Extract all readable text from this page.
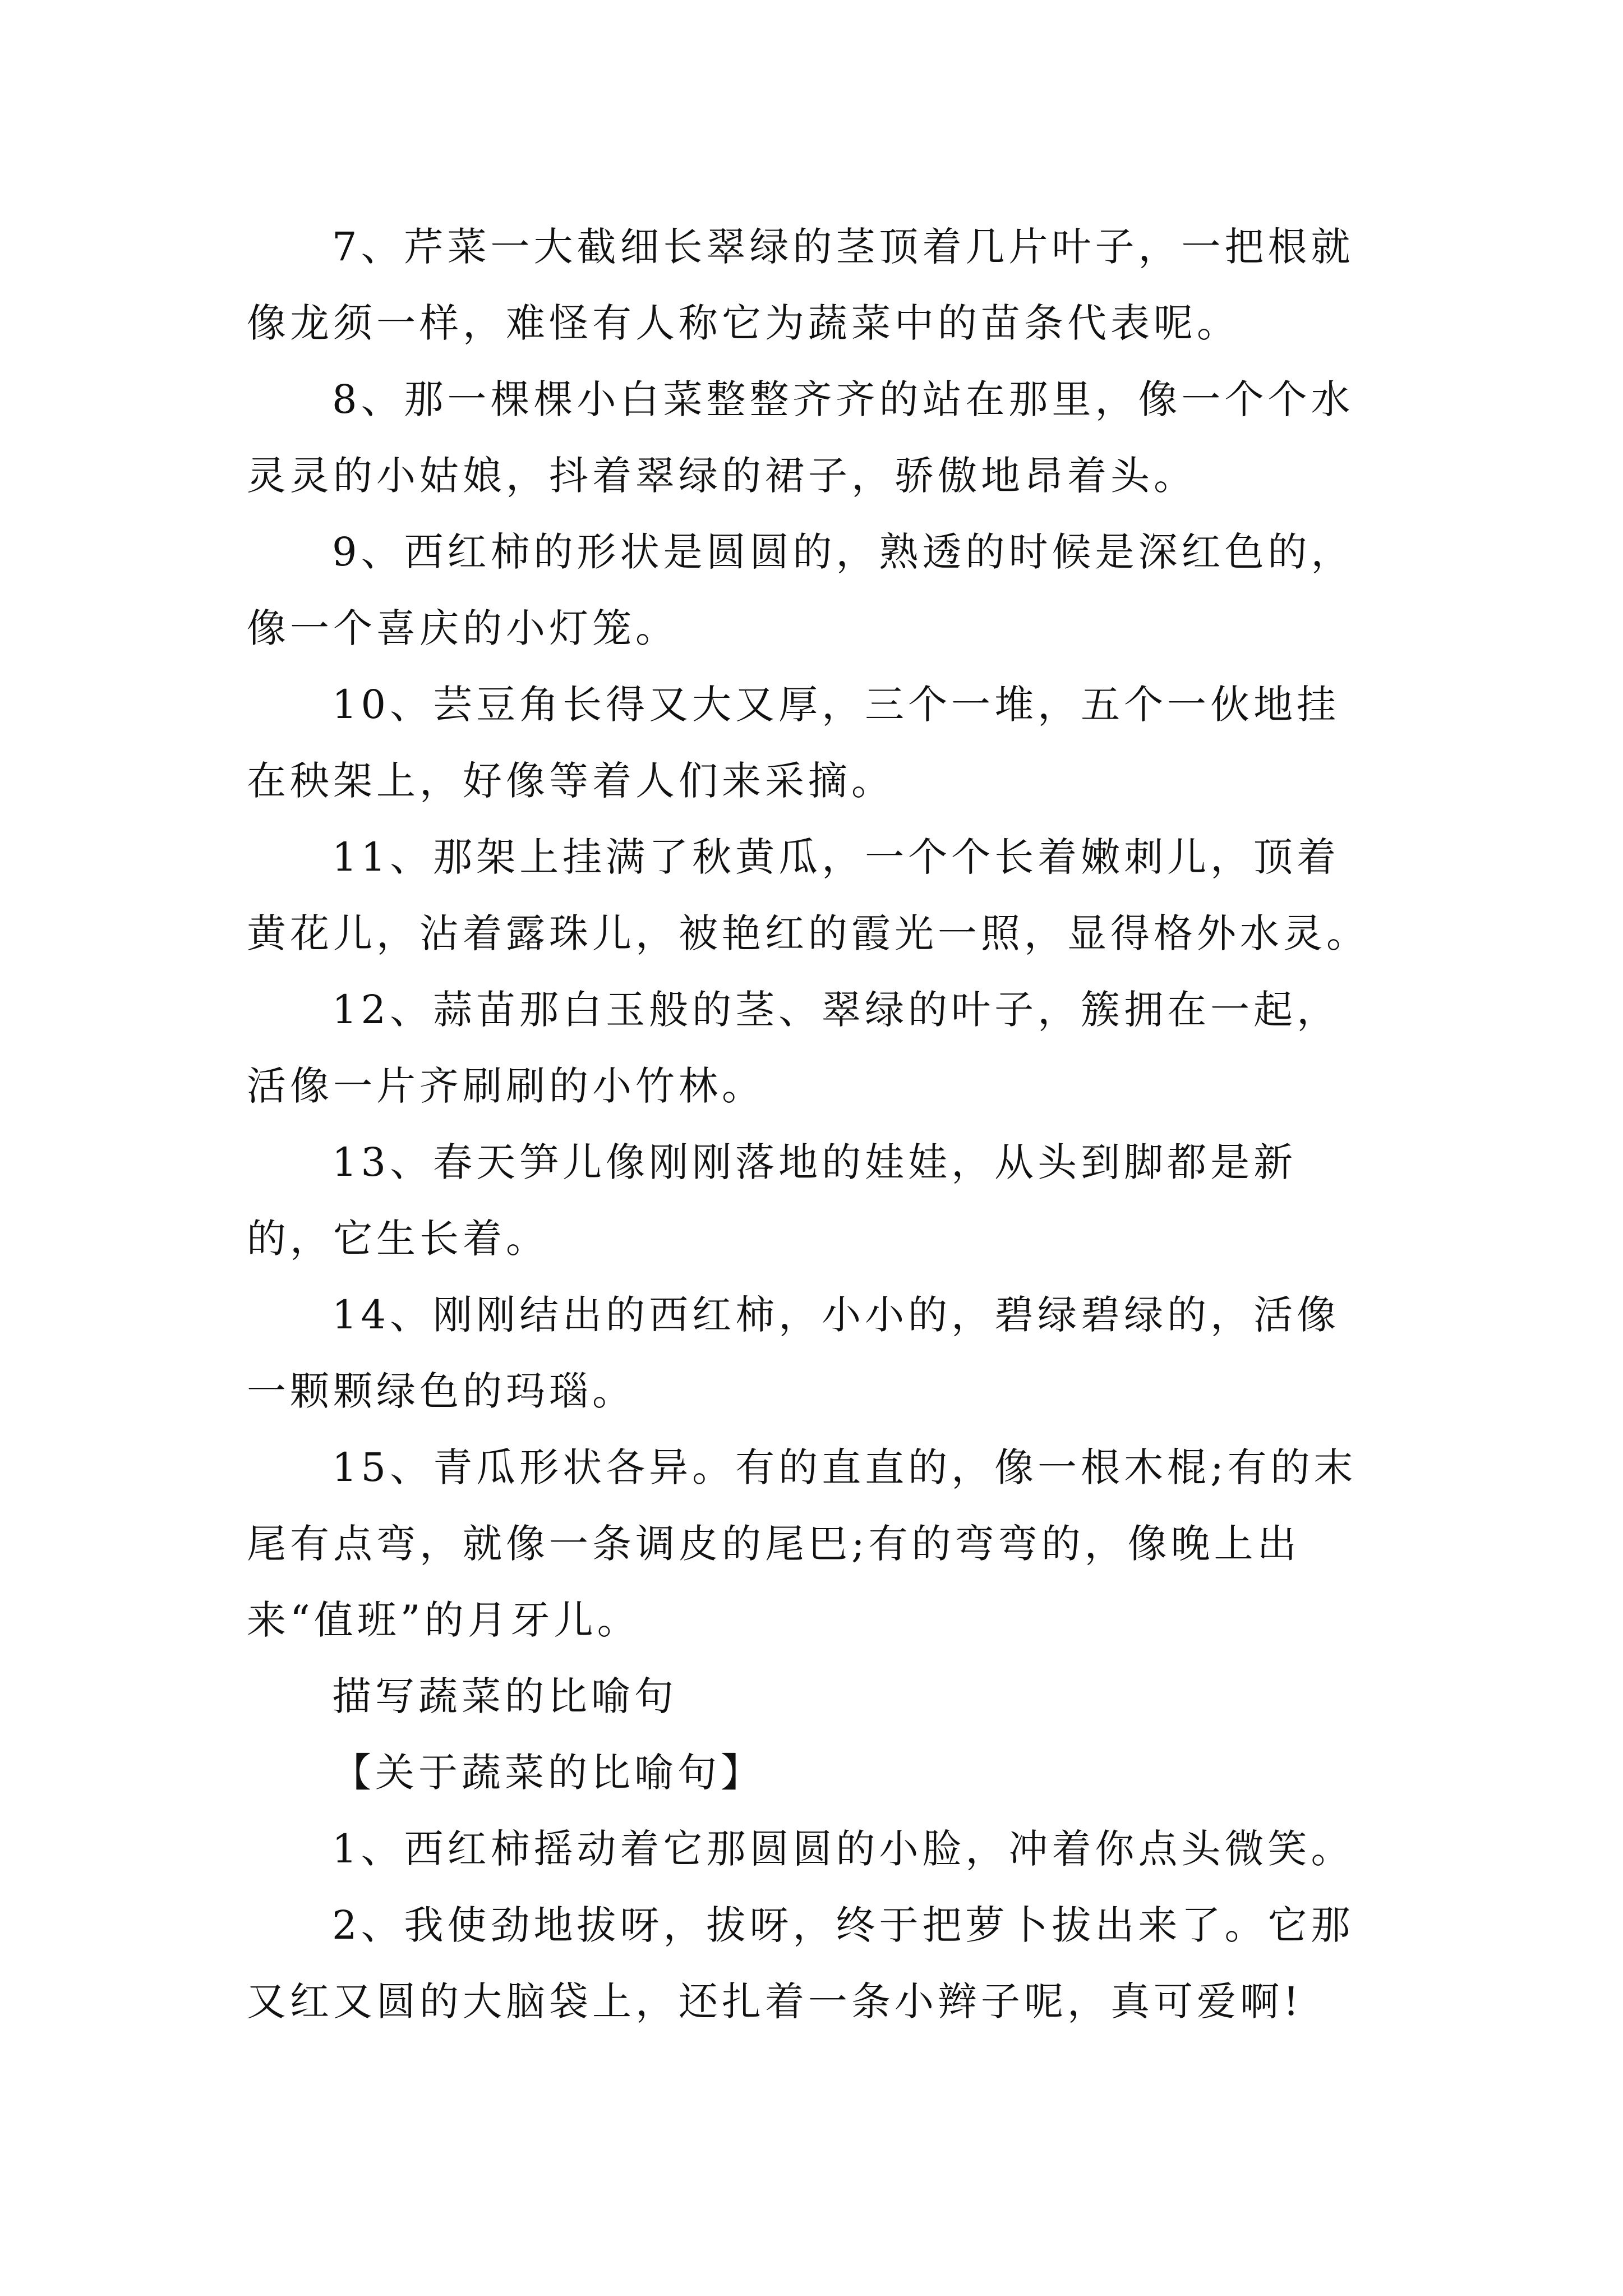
7、芹菜一大截细长翠绿的茎顶着几片叶子，一把根就像龙须一样，难怪有人称它为蔬菜中的苗条代表呢。

8、那一棵棵小白菜整整齐齐的站在那里，像一个个水灵灵的小姑娘，抖着翠绿的裙子，骄傲地昂着头。

9、西红柿的形状是圆圆的，熟透的时候是深红色的，像一个喜庆的小灯笼。

10、芸豆角长得又大又厚，三个一堆，五个一伙地挂在秧架上，好像等着人们来采摘。

11、那架上挂满了秋黄瓜，一个个长着嫩刺儿，顶着黄花儿，沾着露珠儿，被艳红的霞光一照，显得格外水灵。

12、蒜苗那白玉般的茎、翠绿的叶子，簇拥在一起，活像一片齐刷刷的小竹林。

13、春天笋儿像刚刚落地的娃娃，从头到脚都是新的，它生长着。

14、刚刚结出的西红柿，小小的，碧绿碧绿的，活像一颗颗绿色的玛瑙。

15、青瓜形状各异。有的直直的，像一根木棍;有的末尾有点弯，就像一条调皮的尾巴;有的弯弯的，像晚上出来“值班”的月牙儿。

描写蔬菜的比喻句

【关于蔬菜的比喻句】

1、西红柿摇动着它那圆圆的小脸，冲着你点头微笑。

2、我使劲地拔呀，拔呀，终于把萝卜拔出来了。它那又红又圆的大脑袋上，还扎着一条小辫子呢，真可爱啊!
